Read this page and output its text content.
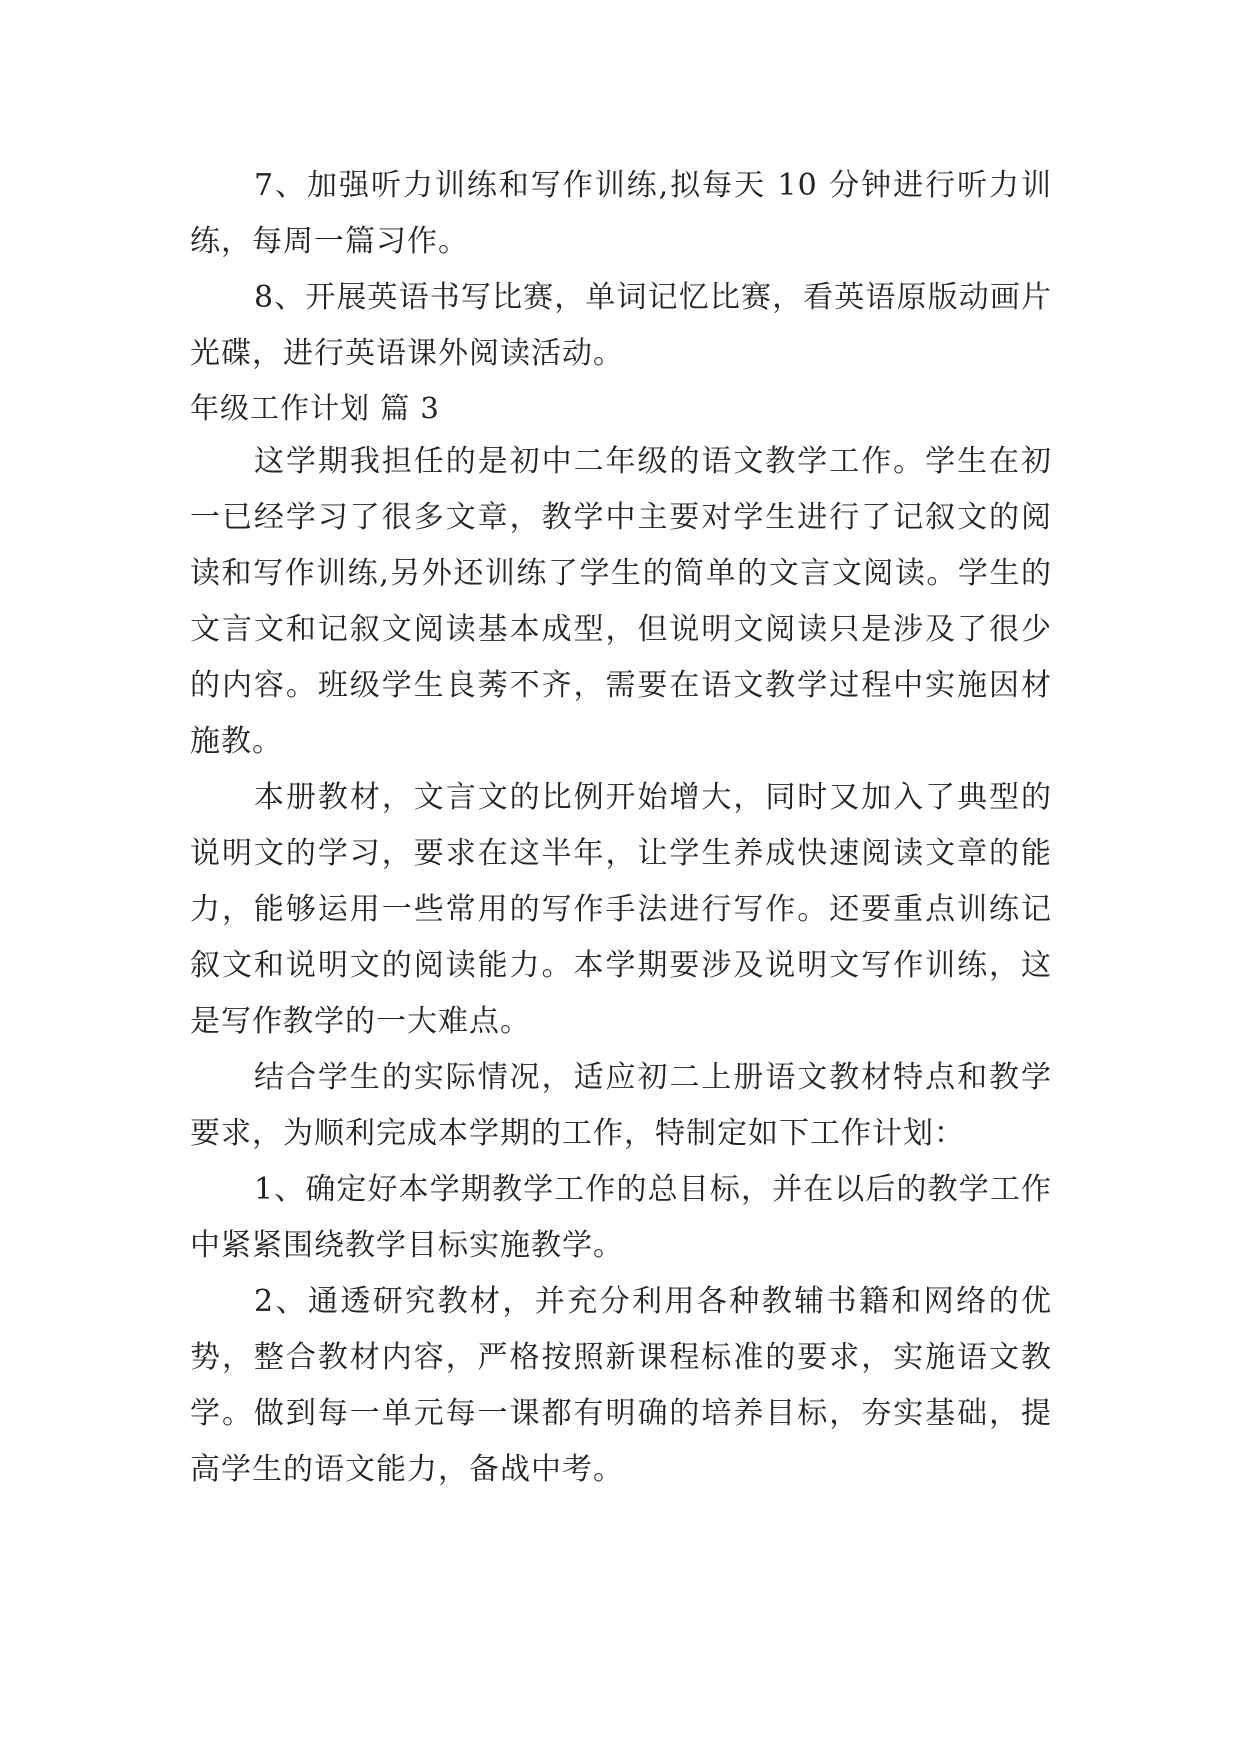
7、加强听力训练和写作训练,拟每天 10 分钟进行听力训练，每周一篇习作。

8、开展英语书写比赛，单词记忆比赛，看英语原版动画片光碟，进行英语课外阅读活动。

年级工作计划 篇 3

这学期我担任的是初中二年级的语文教学工作。学生在初一已经学习了很多文章，教学中主要对学生进行了记叙文的阅读和写作训练,另外还训练了学生的简单的文言文阅读。学生的文言文和记叙文阅读基本成型，但说明文阅读只是涉及了很少的内容。班级学生良莠不齐，需要在语文教学过程中实施因材施教。

本册教材，文言文的比例开始增大，同时又加入了典型的说明文的学习，要求在这半年，让学生养成快速阅读文章的能力，能够运用一些常用的写作手法进行写作。还要重点训练记叙文和说明文的阅读能力。本学期要涉及说明文写作训练，这是写作教学的一大难点。

结合学生的实际情况，适应初二上册语文教材特点和教学要求，为顺利完成本学期的工作，特制定如下工作计划：

1、确定好本学期教学工作的总目标，并在以后的教学工作中紧紧围绕教学目标实施教学。

2、通透研究教材，并充分利用各种教辅书籍和网络的优势，整合教材内容，严格按照新课程标准的要求，实施语文教学。做到每一单元每一课都有明确的培养目标，夯实基础，提高学生的语文能力，备战中考。
